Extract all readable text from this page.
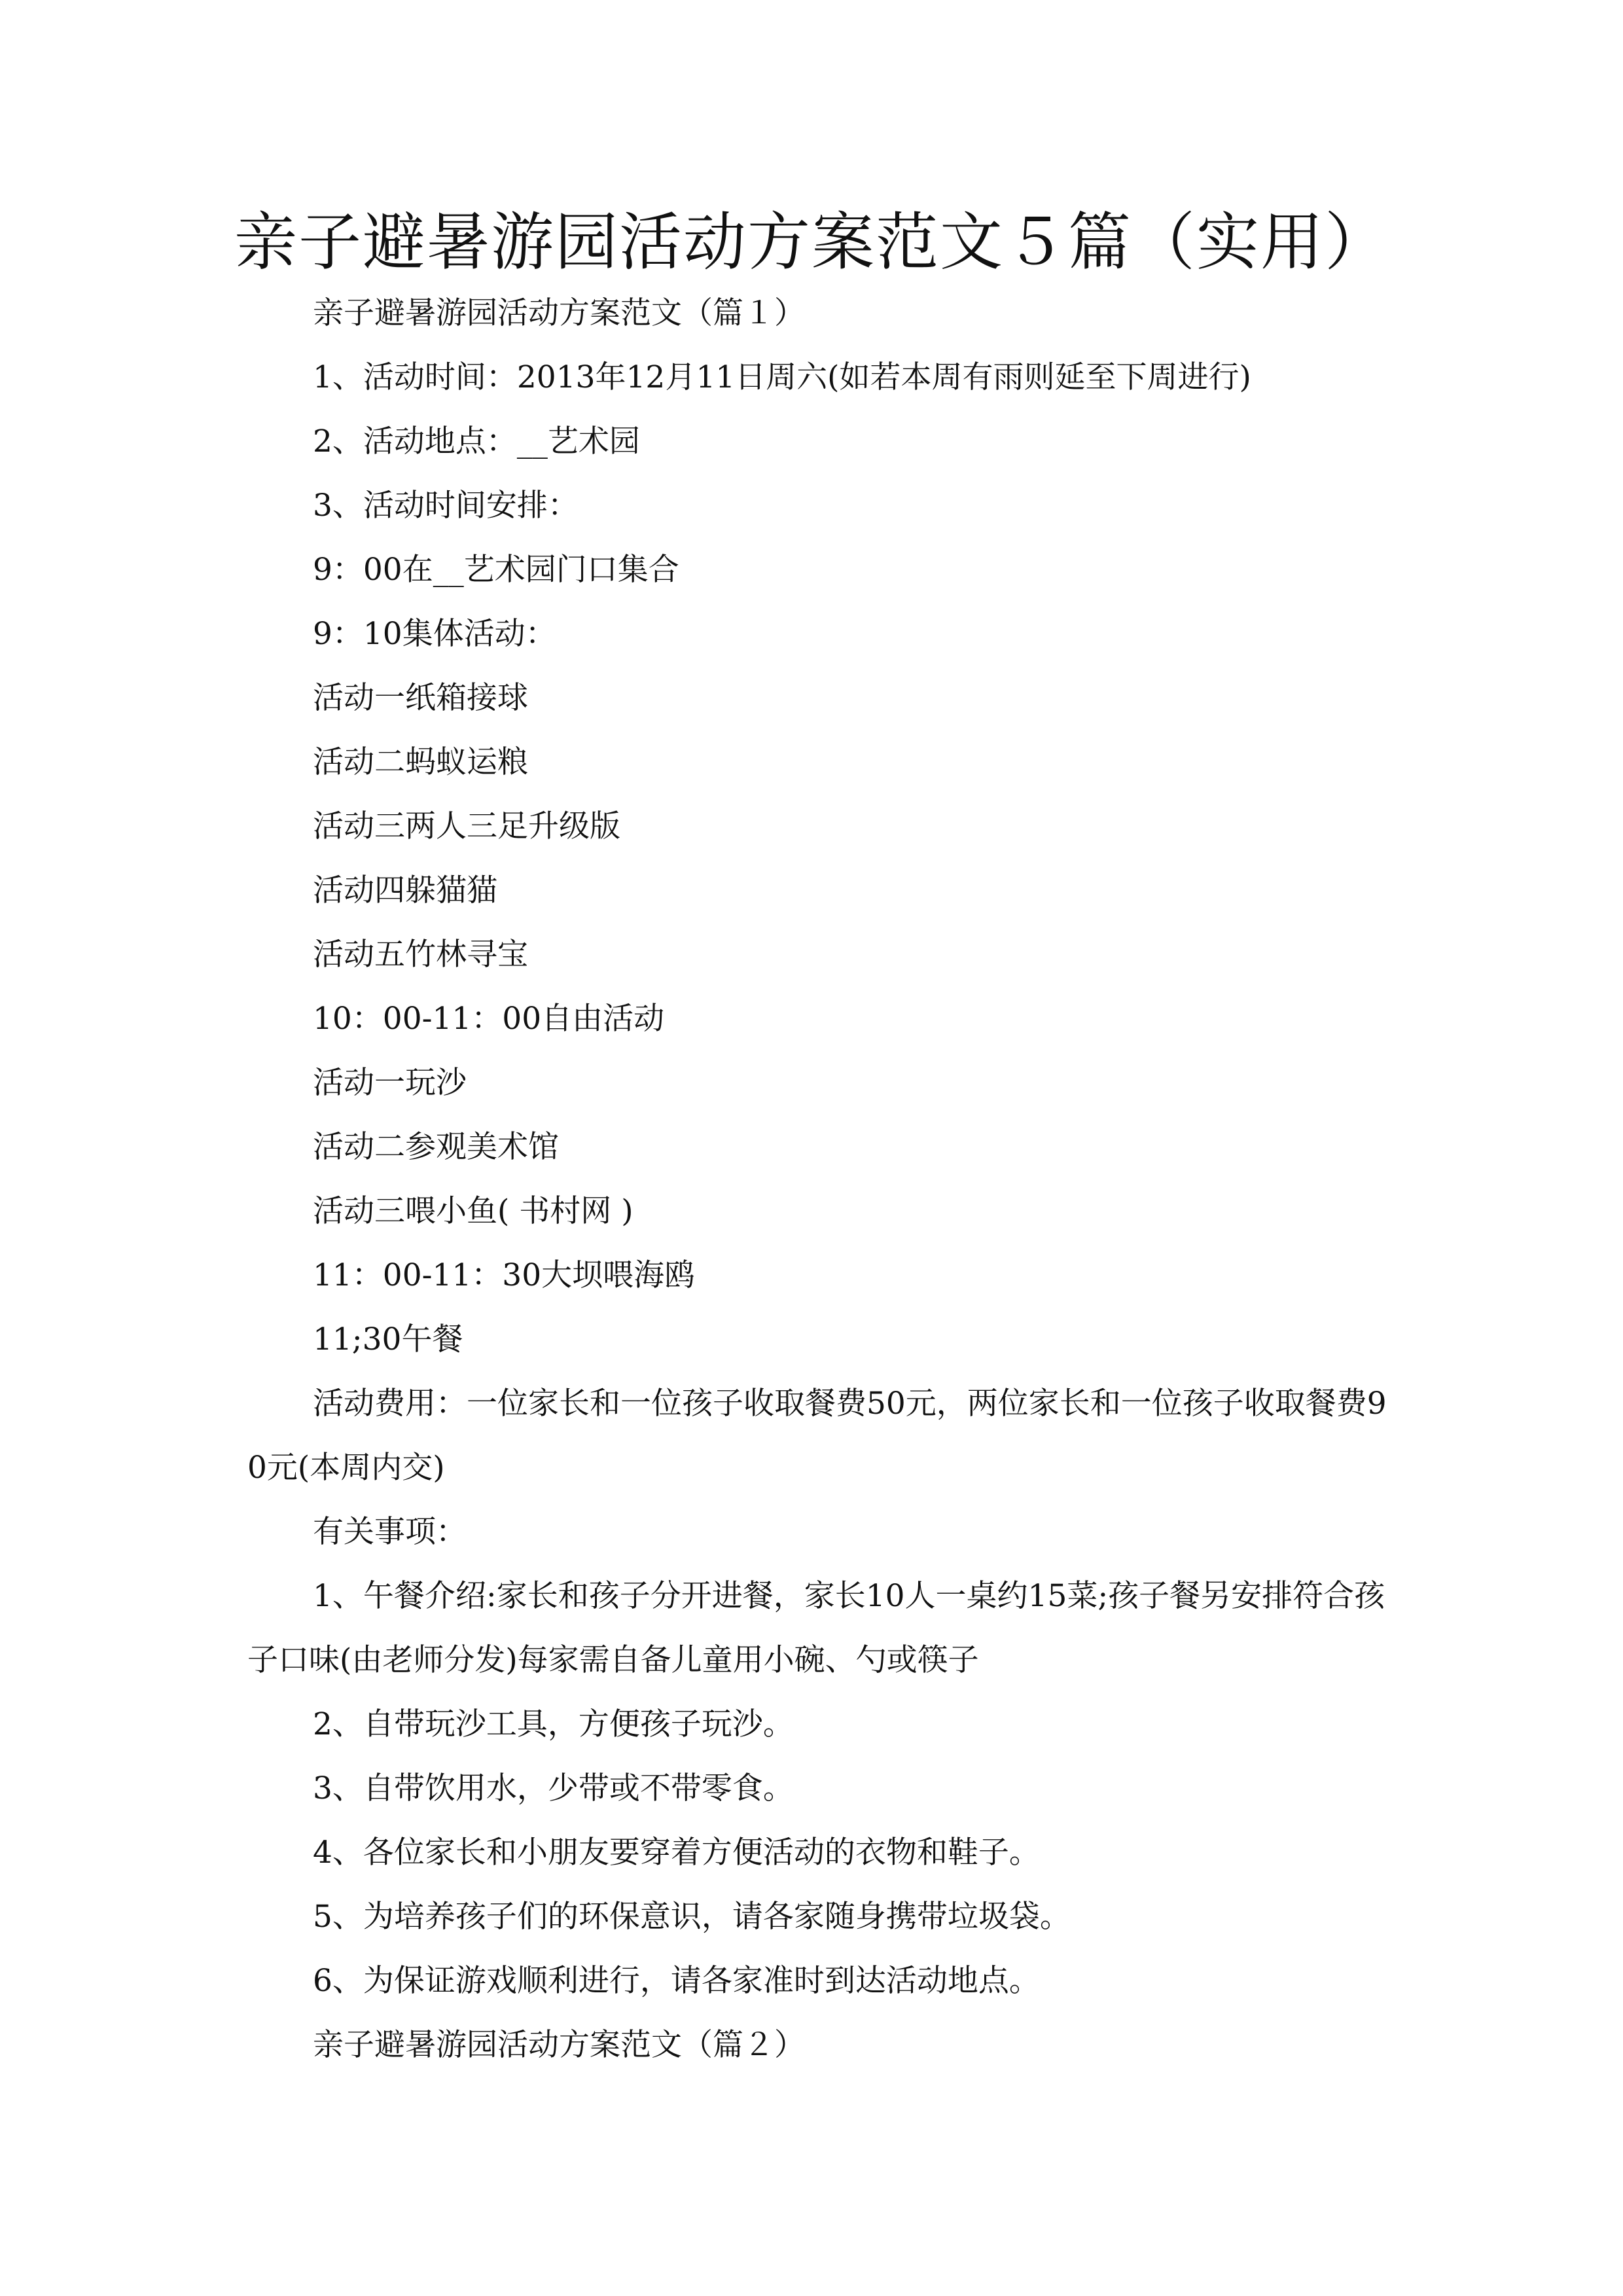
亲子避暑游园活动方案范文５篇（实用）

亲子避暑游园活动方案范文（篇１）

1、活动时间：2013年12月11日周六(如若本周有雨则延至下周进行)

2、活动地点：__艺术园

3、活动时间安排：

9：00在__艺术园门口集合

9：10集体活动：

活动一纸箱接球

活动二蚂蚁运粮

活动三两人三足升级版

活动四躲猫猫

活动五竹林寻宝

10：00-11：00自由活动

活动一玩沙

活动二参观美术馆

活动三喂小鱼( 书村网 )

11：00-11：30大坝喂海鸥

11;30午餐

活动费用：一位家长和一位孩子收取餐费50元，两位家长和一位孩子收取餐费90元(本周内交)

有关事项：

1、午餐介绍:家长和孩子分开进餐，家长10人一桌约15菜;孩子餐另安排符合孩子口味(由老师分发)每家需自备儿童用小碗、勺或筷子

2、自带玩沙工具，方便孩子玩沙。

3、自带饮用水，少带或不带零食。

4、各位家长和小朋友要穿着方便活动的衣物和鞋子。

5、为培养孩子们的环保意识，请各家随身携带垃圾袋。

6、为保证游戏顺利进行，请各家准时到达活动地点。

亲子避暑游园活动方案范文（篇２）
